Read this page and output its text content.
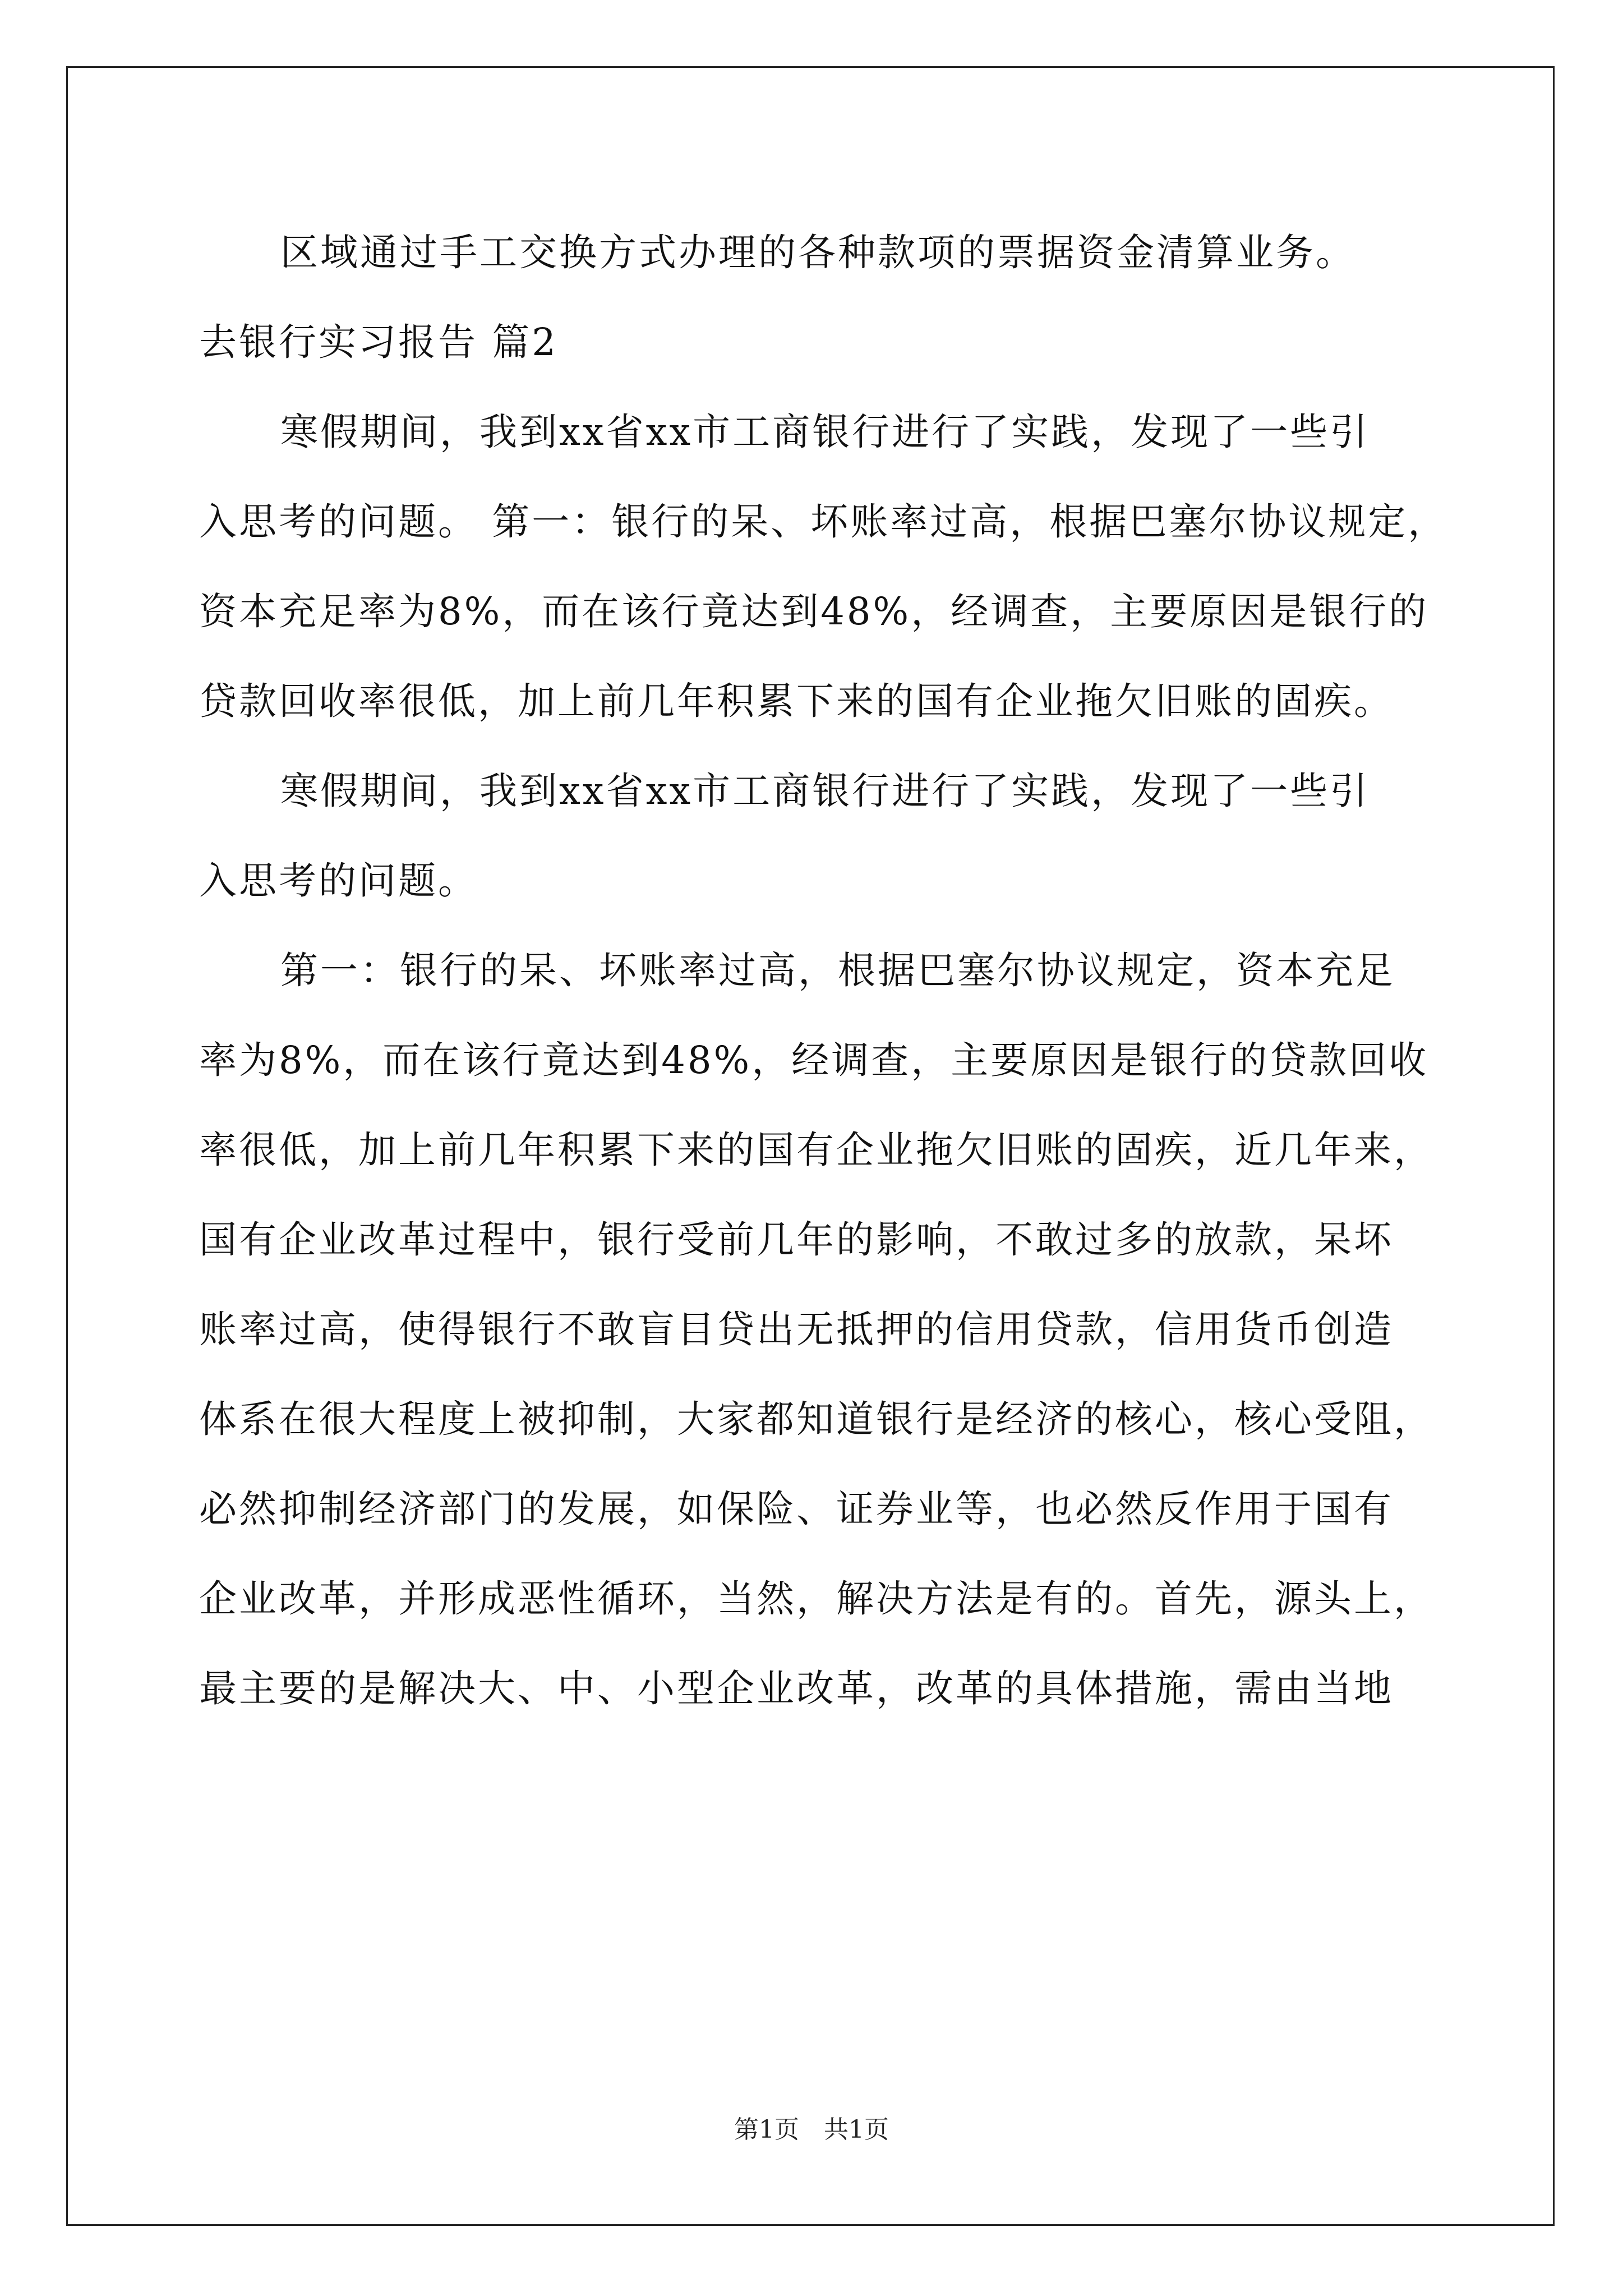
区域通过手工交换方式办理的各种款项的票据资金清算业务。
去银行实习报告 篇2
寒假期间，我到xx省xx市工商银行进行了实践，发现了一些引
入思考的问题。 第一：银行的呆、坏账率过高，根据巴塞尔协议规定，
资本充足率为8%，而在该行竟达到48%，经调查，主要原因是银行的
贷款回收率很低，加上前几年积累下来的国有企业拖欠旧账的固疾。
寒假期间，我到xx省xx市工商银行进行了实践，发现了一些引
入思考的问题。
第一：银行的呆、坏账率过高，根据巴塞尔协议规定，资本充足
率为8%，而在该行竟达到48%，经调查，主要原因是银行的贷款回收
率很低，加上前几年积累下来的国有企业拖欠旧账的固疾，近几年来，
国有企业改革过程中，银行受前几年的影响，不敢过多的放款，呆坏
账率过高，使得银行不敢盲目贷出无抵押的信用贷款，信用货币创造
体系在很大程度上被抑制，大家都知道银行是经济的核心，核心受阻，
必然抑制经济部门的发展，如保险、证券业等，也必然反作用于国有
企业改革，并形成恶性循环，当然，解决方法是有的。首先，源头上，
最主要的是解决大、中、小型企业改革，改革的具体措施，需由当地
第1页 共1页
